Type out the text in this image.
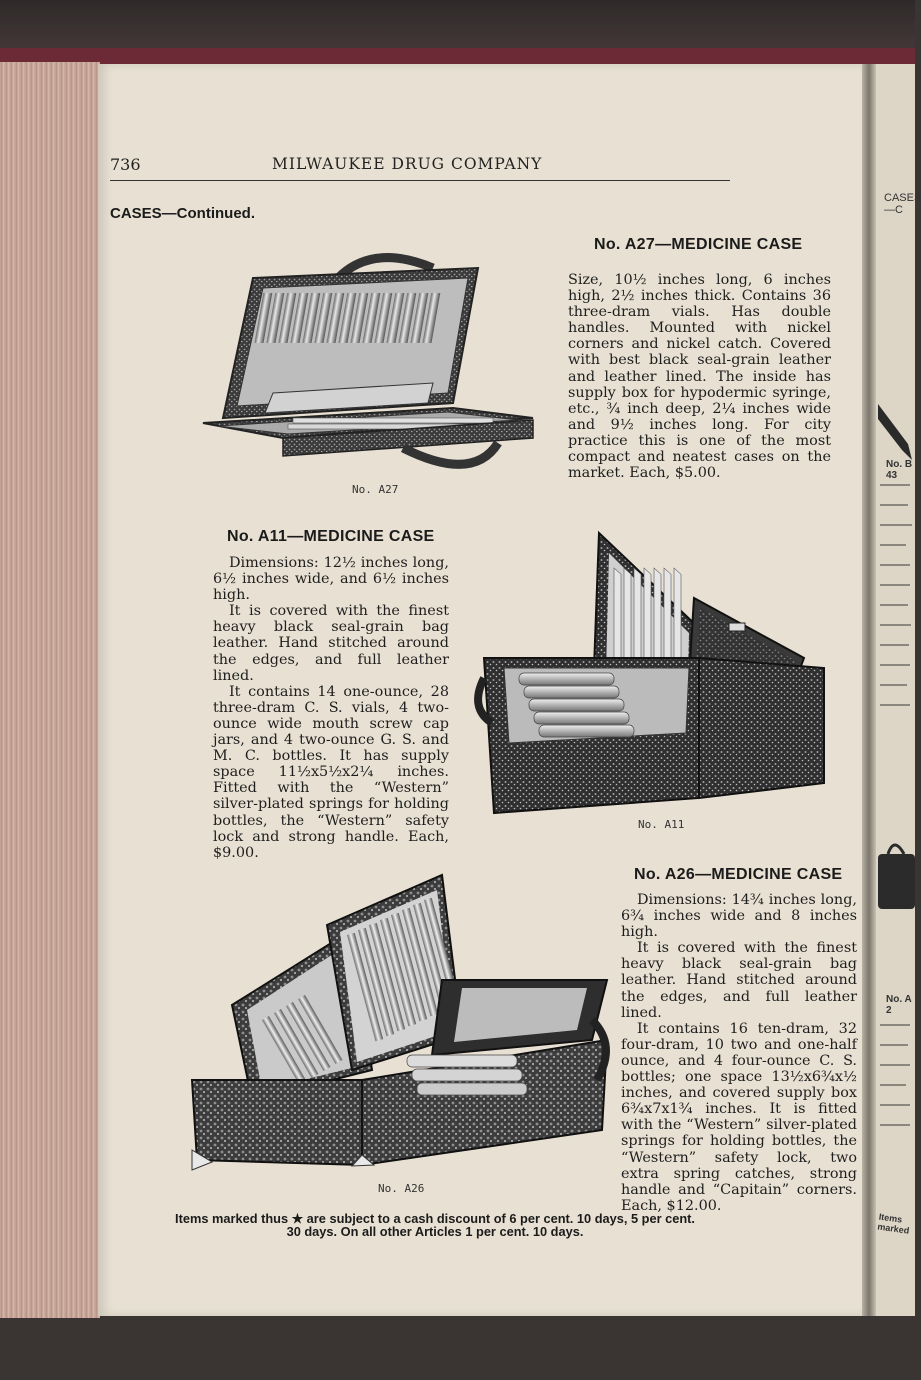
CASES—C
No. B 43
No. A 2
Items marked
736	MILWAUKEE DRUG COMPANY
CASES—Continued.
No. A27
No. A27—MEDICINE CASE
Size, 10½ inches long, 6 inches high, 2½ inches thick. Contains 36 three-dram vials. Has double handles. Mounted with nickel corners and nickel catch. Covered with best black seal-grain leather and leather lined. The inside has supply box for hypodermic syringe, etc., ¾ inch deep, 2¼ inches wide and 9½ inches long. For city practice this is one of the most compact and neatest cases on the market. Each, $5.00.
No. A11—MEDICINE CASE

Dimensions: 12½ inches long, 6½ inches wide, and 6½ inches high.

It is covered with the finest heavy black seal-grain bag leather. Hand stitched around the edges, and full leather lined.

It contains 14 one-ounce, 28 three-dram C. S. vials, 4 two-ounce wide mouth screw cap jars, and 4 two-ounce G. S. and M. C. bottles. It has supply space 11½x5½x2¼ inches. Fitted with the “Western” silver-plated springs for holding bottles, the “Western” safety lock and strong handle. Each, $9.00.

No. A11
No. A26—MEDICINE CASE

Dimensions: 14¾ inches long, 6¾ inches wide and 8 inches high.

It is covered with the finest heavy black seal-grain bag leather. Hand stitched around the edges, and full leather lined.

It contains 16 ten-dram, 32 four-dram, 10 two and one-half ounce, and 4 four-ounce C. S. bottles; one space 13½x6¾x½ inches, and covered supply box 6¾x7x1¾ inches. It is fitted with the “Western” silver-plated springs for holding bottles, the “Western” safety lock, two extra spring catches, strong handle and “Capitain” corners. Each, $12.00.

No. A26
Items marked thus ★ are subject to a cash discount of 6 per cent. 10 days, 5 per cent.
30 days. On all other Articles 1 per cent. 10 days.
